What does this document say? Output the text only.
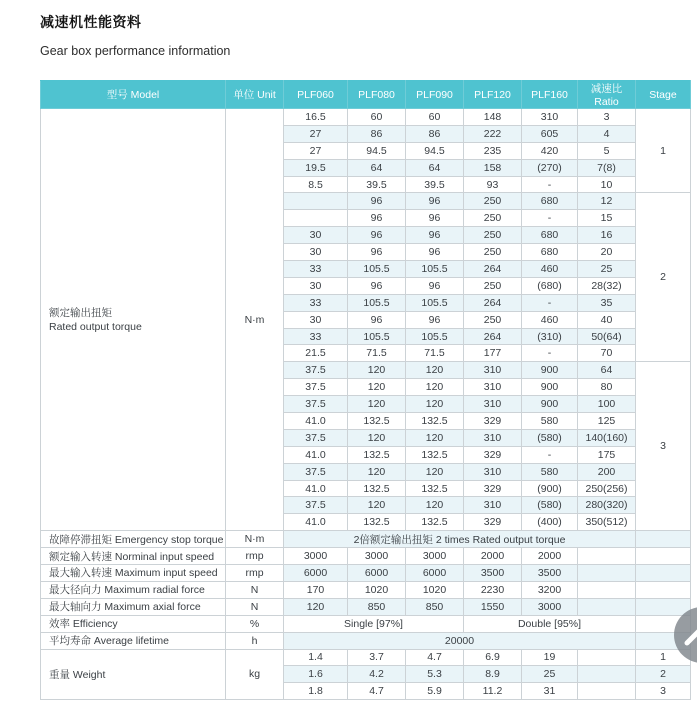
减速机性能资料
Gear box performance information
型号 Model	单位 Unit	PLF060	PLF080	PLF090	PLF120	PLF160	减速比 Ratio	Stage

额定输出扭矩
Rated output torque	N·m	16.5	60	60	148	310	3	1
		27	86	86	222	605	4	
		27	94.5	94.5	235	420	5	
		19.5	64	64	158	(270)	7(8)	
		8.5	39.5	39.5	93	-	10	
			96	96	250	680	12	2
			96	96	250	-	15	
		30	96	96	250	680	16	
		30	96	96	250	680	20	
		33	105.5	105.5	264	460	25	
		30	96	96	250	(680)	28(32)	
		33	105.5	105.5	264	-	35	
		30	96	96	250	460	40	
		33	105.5	105.5	264	(310)	50(64)	
		21.5	71.5	71.5	177	-	70	
		37.5	120	120	310	900	64	3
		37.5	120	120	310	900	80	
		37.5	120	120	310	900	100	
		41.0	132.5	132.5	329	580	125	
		37.5	120	120	310	(580)	140(160)	
		41.0	132.5	132.5	329	-	175	
		37.5	120	120	310	580	200	
		41.0	132.5	132.5	329	(900)	250(256)	
		37.5	120	120	310	(580)	280(320)	
		41.0	132.5	132.5	329	(400)	350(512)	
故障停滞扭矩 Emergency stop torque	N·m	2倍额定输出扭矩 2 times Rated output torque						
额定输入转速 Norminal input speed	rmp	3000	3000	3000	2000	2000		
最大输入转速 Maximum input speed	rmp	6000	6000	6000	3500	3500		
最大径向力 Maximum radial force	N	170	1020	1020	2230	3200		
最大轴向力 Maximum axial force	N	120	850	850	1550	3000		
效率 Efficiency	%	Single [97%]			Double [95%]			
平均寿命 Average lifetime	h	20000						
重量 Weight	kg	1.4	3.7	4.7	6.9	19		1
		1.6	4.2	5.3	8.9	25		2
		1.8	4.7	5.9	11.2	31		3
